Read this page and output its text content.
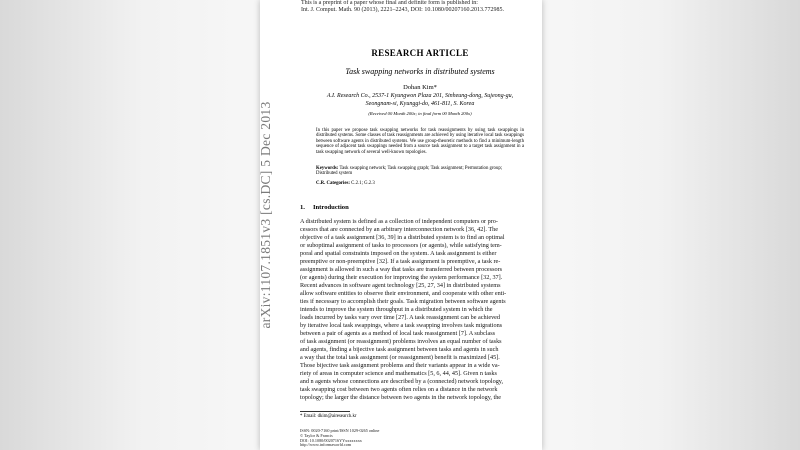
arXiv:1107.1851v3 [cs.DC] 5 Dec 2013
This is a preprint of a paper whose final and definite form is published in:
Int. J. Comput. Math. 90 (2013), 2221–2243, DOI: 10.1080/00207160.2013.772985.
RESEARCH ARTICLE
Task swapping networks in distributed systems
Dohan Kim*
A.I. Research Co., 2537-1 Kyungwon Plaza 201, Sinheung-dong, Sujeong-gu,
Seongnam-si, Kyunggi-do, 461-811, S. Korea
(Received 00 Month 200x; in final form 00 Month 200x)
In this paper we propose task swapping networks for task reassignments by using task swappings in distributed systems. Some classes of task reassignments are achieved by using iterative local task swappings between software agents in distributed systems. We use group-theoretic methods to find a minimum-length sequence of adjacent task swappings needed from a source task assignment to a target task assignment in a task swapping network of several well-known topologies.
Keywords: Task swapping network; Task swapping graph; Task assignment; Permutation group; Distributed system
C.R. Categories: C.2.1; G.2.3
1. Introduction
A distributed system is defined as a collection of independent computers or pro-
cessors that are connected by an arbitrary interconnection network [36, 42]. The
objective of a task assignment [36, 39] in a distributed system is to find an optimal
or suboptimal assignment of tasks to processors (or agents), while satisfying tem-
poral and spatial constraints imposed on the system. A task assignment is either
preemptive or non-preemptive [32]. If a task assignment is preemptive, a task re-
assignment is allowed in such a way that tasks are transferred between processors
(or agents) during their execution for improving the system performance [32, 37].
Recent advances in software agent technology [25, 27, 34] in distributed systems
allow software entities to observe their environment, and cooperate with other enti-
ties if necessary to accomplish their goals. Task migration between software agents
intends to improve the system throughput in a distributed system in which the
loads incurred by tasks vary over time [27]. A task reassignment can be achieved
by iterative local task swappings, where a task swapping involves task migrations
between a pair of agents as a method of local task reassignment [7]. A subclass
of task assignment (or reassignment) problems involves an equal number of tasks
and agents, finding a bijective task assignment between tasks and agents in such
a way that the total task assignment (or reassignment) benefit is maximized [45].
Those bijective task assignment problems and their variants appear in a wide va-
riety of areas in computer science and mathematics [5, 6, 44, 45]. Given n tasks
and n agents whose connections are described by a (connected) network topology,
task swapping cost between two agents often relies on a distance in the network
topology; the larger the distance between two agents in the network topology, the
* Email: dkim@airesearch.kr
ISSN: 0020-7160 print/ISSN 1029-0265 online
© Taylor & Francis
DOI: 10.1080/0020716YYxxxxxxxx
http://www.informaworld.com
